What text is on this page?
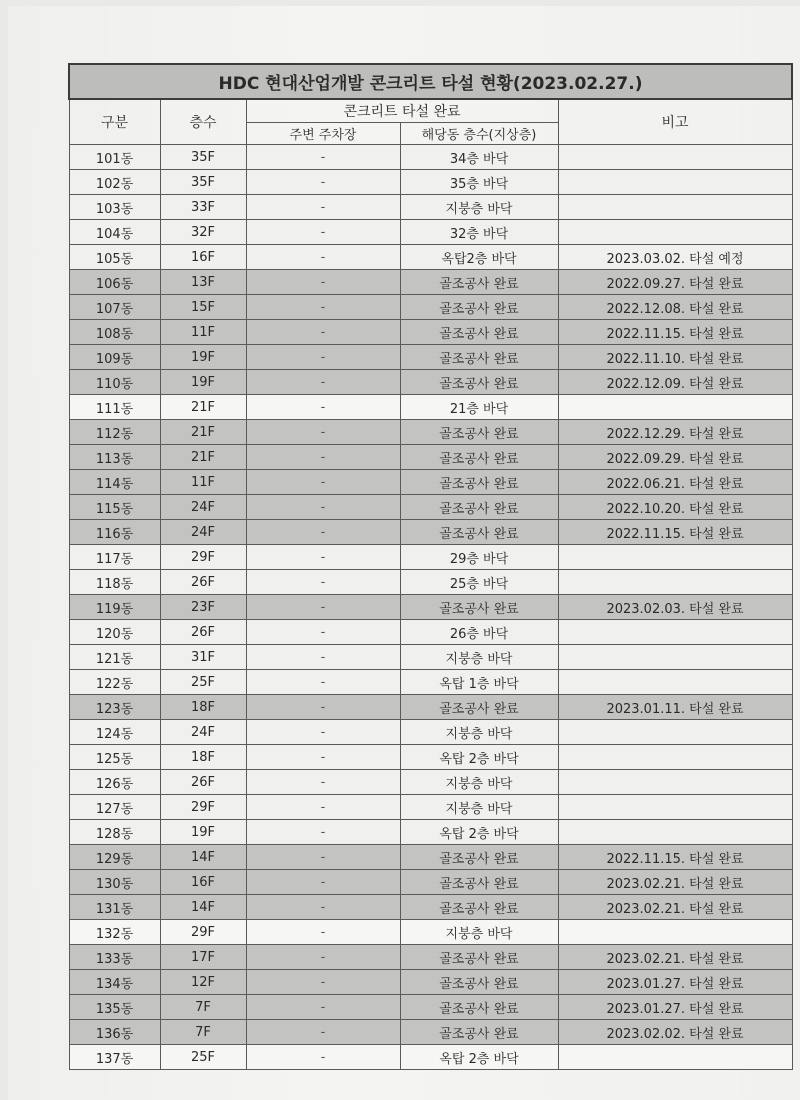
HDC 현대산업개발 콘크리트 타설 현황(2023.02.27.)				
구분	층수	콘크리트 타설 완료		비고
		주변 주차장	해당동 층수(지상층)	
101동	35F	-	34층 바닥	
102동	35F	-	35층 바닥	
103동	33F	-	지붕층 바닥	
104동	32F	-	32층 바닥	
105동	16F	-	옥탑2층 바닥	2023.03.02. 타설 예정
106동	13F	-	골조공사 완료	2022.09.27. 타설 완료
107동	15F	-	골조공사 완료	2022.12.08. 타설 완료
108동	11F	-	골조공사 완료	2022.11.15. 타설 완료
109동	19F	-	골조공사 완료	2022.11.10. 타설 완료
110동	19F	-	골조공사 완료	2022.12.09. 타설 완료
111동	21F	-	21층 바닥	
112동	21F	-	골조공사 완료	2022.12.29. 타설 완료
113동	21F	-	골조공사 완료	2022.09.29. 타설 완료
114동	11F	-	골조공사 완료	2022.06.21. 타설 완료
115동	24F	-	골조공사 완료	2022.10.20. 타설 완료
116동	24F	-	골조공사 완료	2022.11.15. 타설 완료
117동	29F	-	29층 바닥	
118동	26F	-	25층 바닥	
119동	23F	-	골조공사 완료	2023.02.03. 타설 완료
120동	26F	-	26층 바닥	
121동	31F	-	지붕층 바닥	
122동	25F	-	옥탑 1층 바닥	
123동	18F	-	골조공사 완료	2023.01.11. 타설 완료
124동	24F	-	지붕층 바닥	
125동	18F	-	옥탑 2층 바닥	
126동	26F	-	지붕층 바닥	
127동	29F	-	지붕층 바닥	
128동	19F	-	옥탑 2층 바닥	
129동	14F	-	골조공사 완료	2022.11.15. 타설 완료
130동	16F	-	골조공사 완료	2023.02.21. 타설 완료
131동	14F	-	골조공사 완료	2023.02.21. 타설 완료
132동	29F	-	지붕층 바닥	
133동	17F	-	골조공사 완료	2023.02.21. 타설 완료
134동	12F	-	골조공사 완료	2023.01.27. 타설 완료
135동	7F	-	골조공사 완료	2023.01.27. 타설 완료
136동	7F	-	골조공사 완료	2023.02.02. 타설 완료
137동	25F	-	옥탑 2층 바닥	
